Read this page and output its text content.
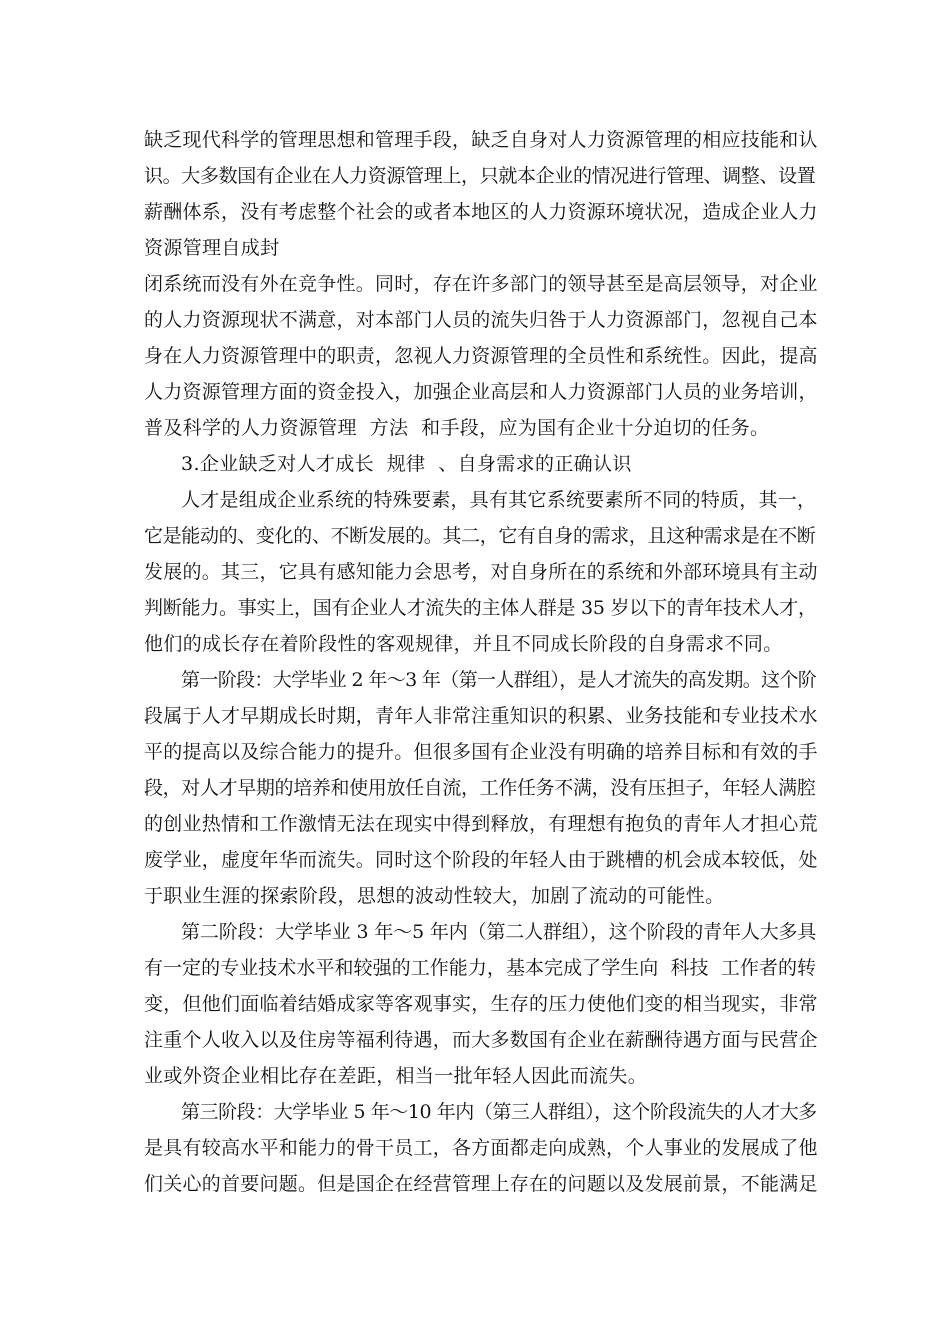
缺乏现代科学的管理思想和管理手段，缺乏自身对人力资源管理的相应技能和认
识。大多数国有企业在人力资源管理上，只就本企业的情况进行管理、调整、设置
薪酬体系，没有考虑整个社会的或者本地区的人力资源环境状况，造成企业人力
资源管理自成封
闭系统而没有外在竞争性。同时，存在许多部门的领导甚至是高层领导，对企业
的人力资源现状不满意，对本部门人员的流失归咎于人力资源部门，忽视自己本
身在人力资源管理中的职责，忽视人力资源管理的全员性和系统性。因此，提高
人力资源管理方面的资金投入，加强企业高层和人力资源部门人员的业务培训，
普及科学的人力资源管理  方法  和手段，应为国有企业十分迫切的任务。
3.企业缺乏对人才成长  规律  、自身需求的正确认识
人才是组成企业系统的特殊要素，具有其它系统要素所不同的特质，其一，
它是能动的、变化的、不断发展的。其二，它有自身的需求，且这种需求是在不断
发展的。其三，它具有感知能力会思考，对自身所在的系统和外部环境具有主动
判断能力。事实上，国有企业人才流失的主体人群是 35 岁以下的青年技术人才，
他们的成长存在着阶段性的客观规律，并且不同成长阶段的自身需求不同。
第一阶段：大学毕业 2 年～3 年（第一人群组），是人才流失的高发期。这个阶
段属于人才早期成长时期，青年人非常注重知识的积累、业务技能和专业技术水
平的提高以及综合能力的提升。但很多国有企业没有明确的培养目标和有效的手
段，对人才早期的培养和使用放任自流，工作任务不满，没有压担子，年轻人满腔
的创业热情和工作激情无法在现实中得到释放，有理想有抱负的青年人才担心荒
废学业，虚度年华而流失。同时这个阶段的年轻人由于跳槽的机会成本较低，处
于职业生涯的探索阶段，思想的波动性较大，加剧了流动的可能性。
第二阶段：大学毕业 3 年～5 年内（第二人群组），这个阶段的青年人大多具
有一定的专业技术水平和较强的工作能力，基本完成了学生向  科技  工作者的转
变，但他们面临着结婚成家等客观事实，生存的压力使他们变的相当现实，非常
注重个人收入以及住房等福利待遇，而大多数国有企业在薪酬待遇方面与民营企
业或外资企业相比存在差距，相当一批年轻人因此而流失。
第三阶段：大学毕业 5 年～10 年内（第三人群组），这个阶段流失的人才大多
是具有较高水平和能力的骨干员工，各方面都走向成熟，个人事业的发展成了他
们关心的首要问题。但是国企在经营管理上存在的问题以及发展前景，不能满足
